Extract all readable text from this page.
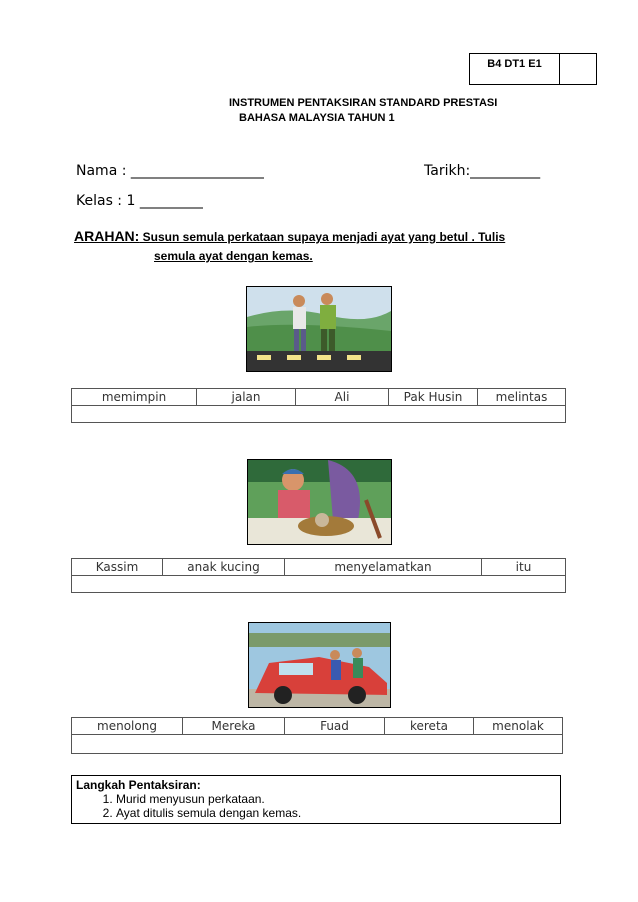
B4 DT1 E1
INSTRUMEN PENTAKSIRAN STANDARD PRESTASI
BAHASA MALAYSIA TAHUN 1
Nama : ___________________	Tarikh:__________
Kelas : 1 _________
ARAHAN: Susun semula perkataan supaya menjadi ayat yang betul . Tulis
semula ayat dengan kemas.
memimpin	jalan	Ali	Pak Husin	melintas

Kassim	anak kucing	menyelamatkan	itu

menolong	Mereka	Fuad	kereta	menolak

Langkah Pentaksiran:
1. Murid menyusun perkataan.
2. Ayat ditulis semula dengan kemas.
